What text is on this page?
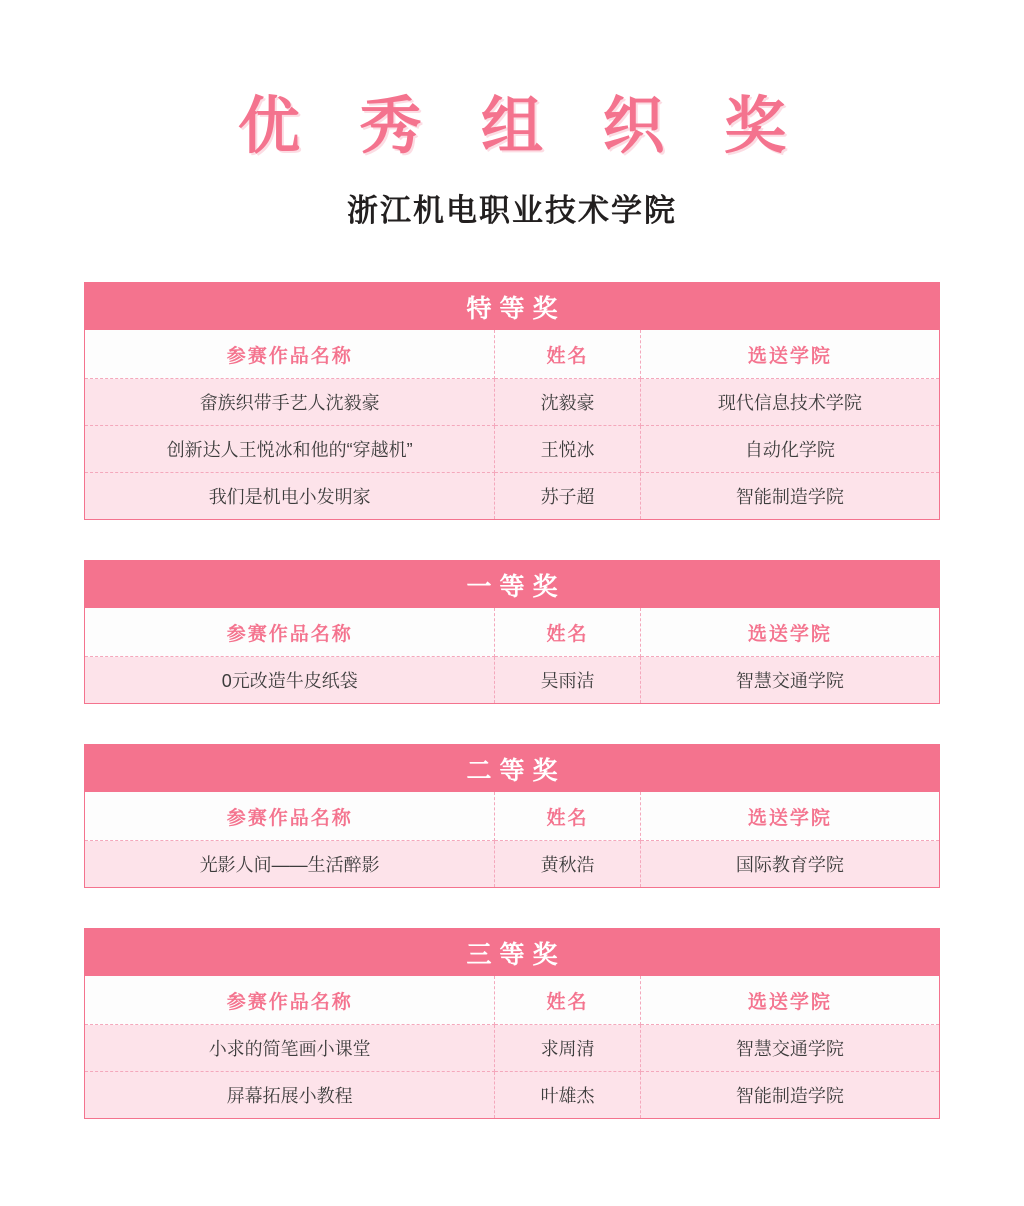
优 秀 组 织 奖
浙江机电职业技术学院
特等奖		
参赛作品名称	姓名	选送学院
畲族织带手艺人沈毅豪	沈毅豪	现代信息技术学院
创新达人王悦冰和他的“穿越机”	王悦冰	自动化学院
我们是机电小发明家	苏子超	智能制造学院
一等奖		
参赛作品名称	姓名	选送学院
0元改造牛皮纸袋	吴雨洁	智慧交通学院
二等奖		
参赛作品名称	姓名	选送学院
光影人间——生活醉影	黄秋浩	国际教育学院
三等奖		
参赛作品名称	姓名	选送学院
小求的简笔画小课堂	求周清	智慧交通学院
屏幕拓展小教程	叶雄杰	智能制造学院
